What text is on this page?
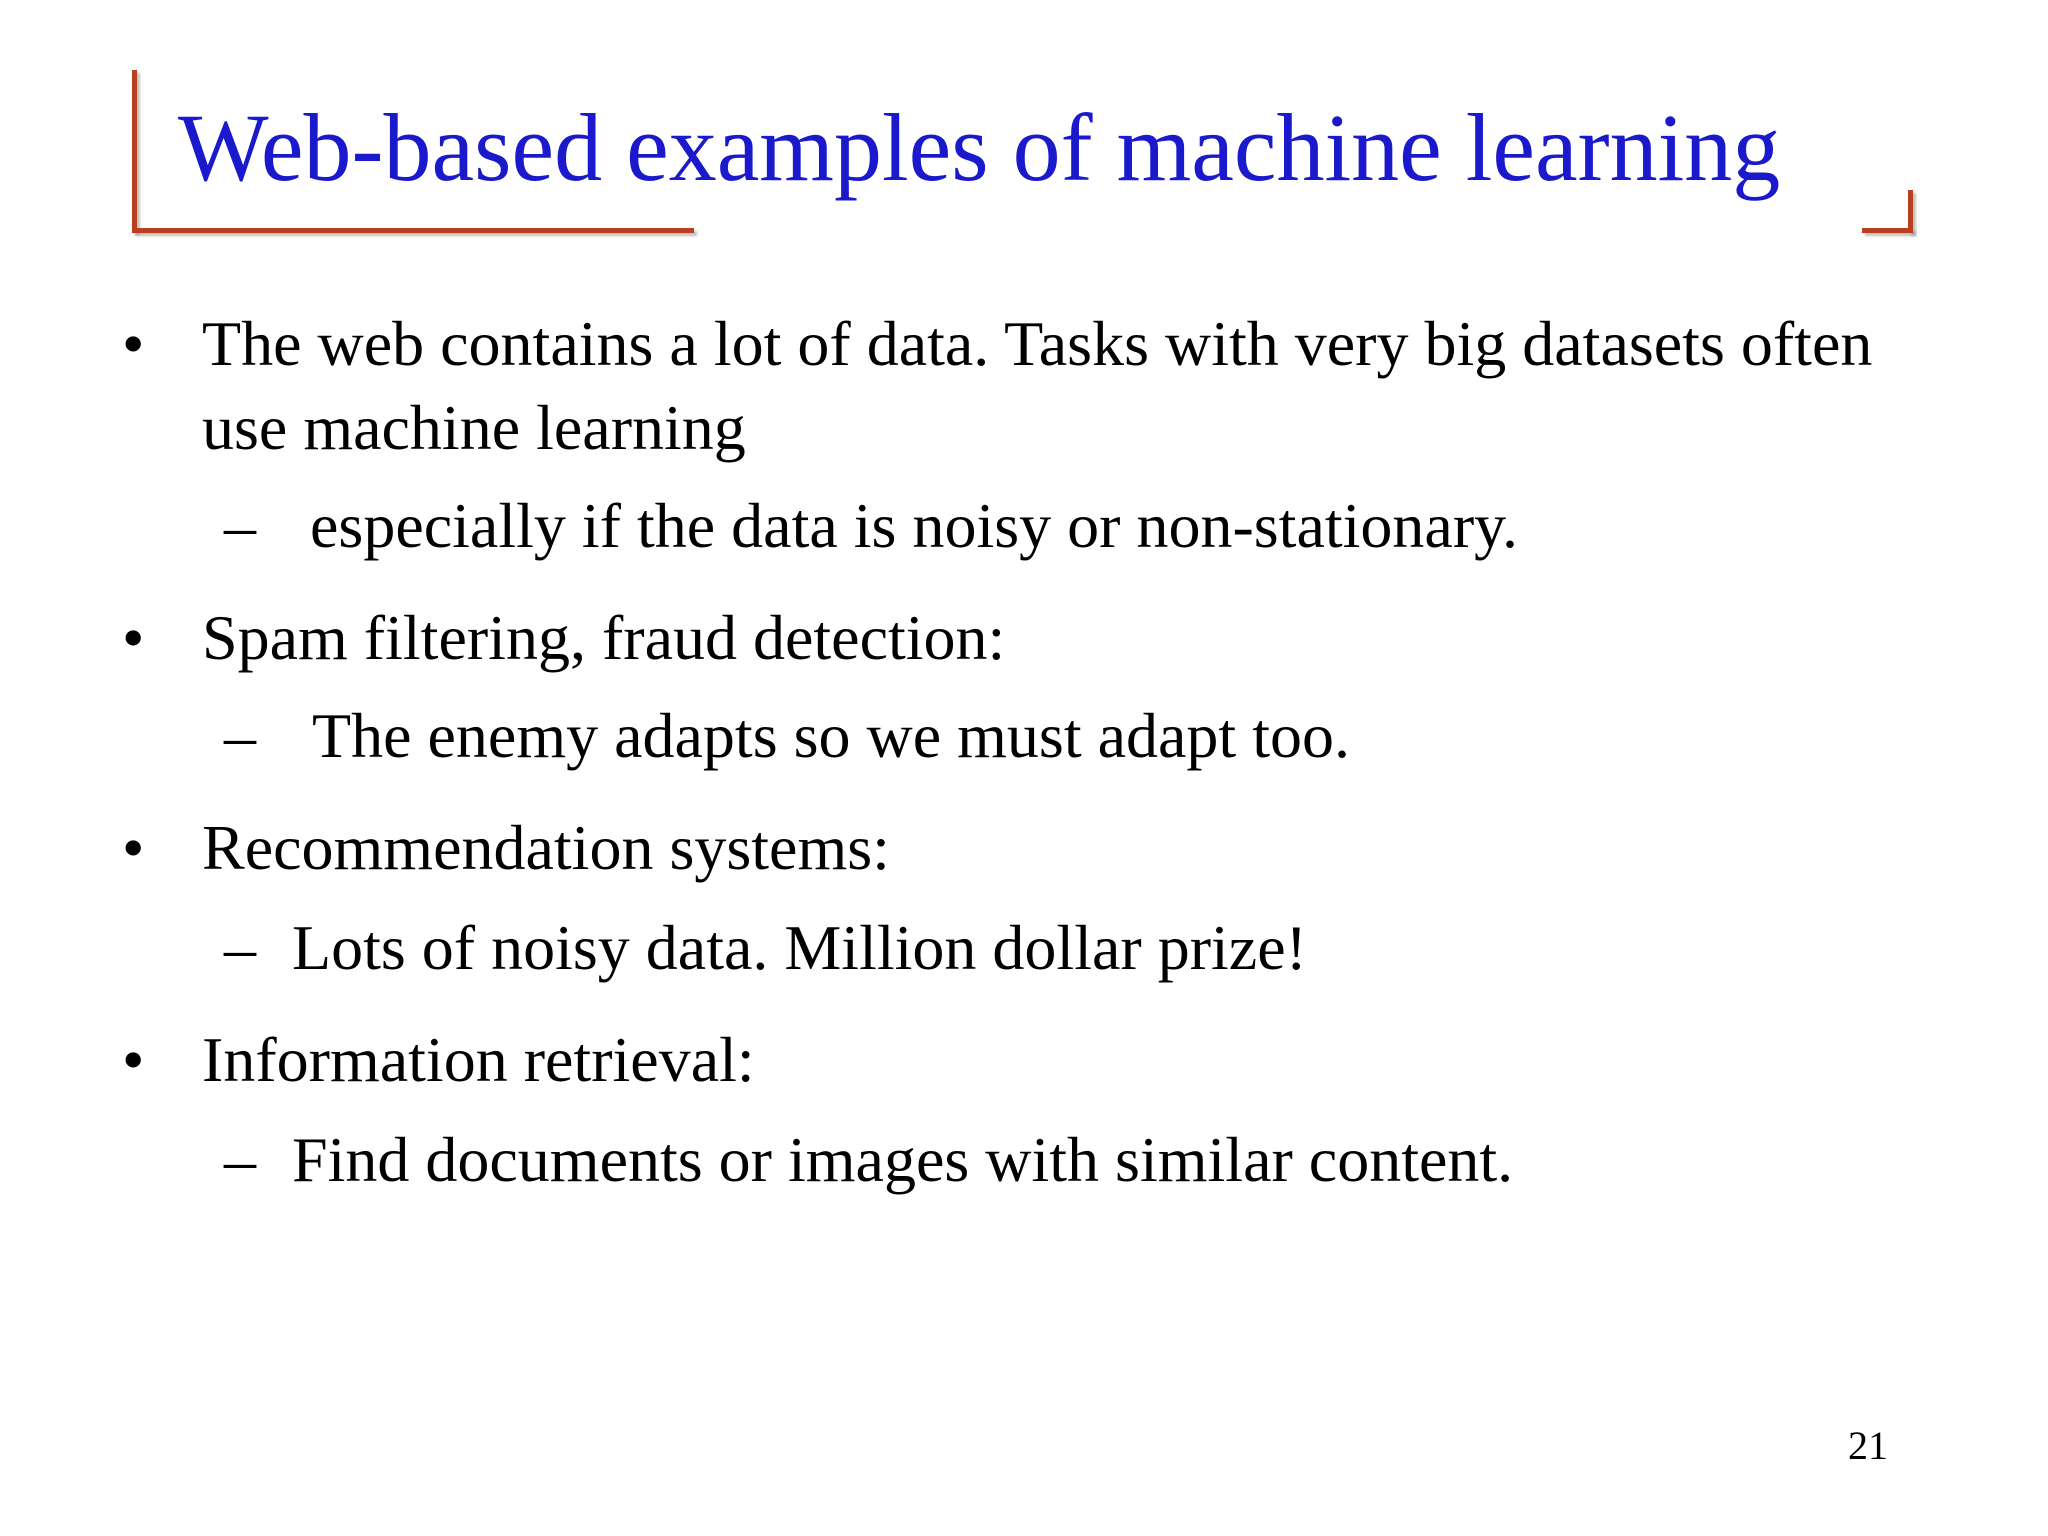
Web-based examples of machine learning
• The web contains a lot of data. Tasks with very big datasets often use machine learning
– especially if the data is noisy or non-stationary.
• Spam filtering, fraud detection:
– The enemy adapts so we must adapt too.
• Recommendation systems:
– Lots of noisy data. Million dollar prize!
• Information retrieval:
– Find documents or images with similar content.
21
